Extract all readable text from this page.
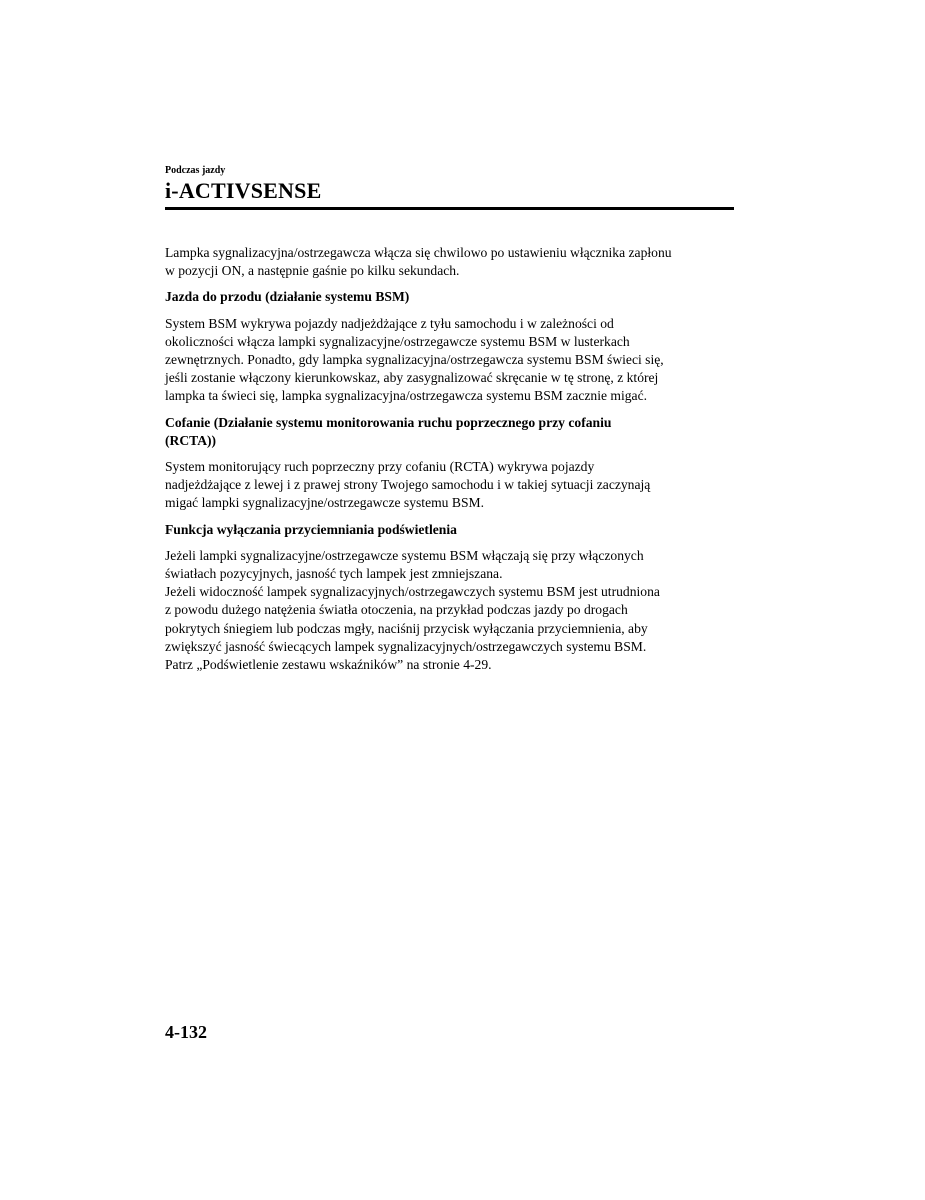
Podczas jazdy
i-ACTIVSENSE

Lampka sygnalizacyjna/ostrzegawcza włącza się chwilowo po ustawieniu włącznika zapłonu
w pozycji ON, a następnie gaśnie po kilku sekundach.

Jazda do przodu (działanie systemu BSM)

System BSM wykrywa pojazdy nadjeżdżające z tyłu samochodu i w zależności od
okoliczności włącza lampki sygnalizacyjne/ostrzegawcze systemu BSM w lusterkach
zewnętrznych. Ponadto, gdy lampka sygnalizacyjna/ostrzegawcza systemu BSM świeci się,
jeśli zostanie włączony kierunkowskaz, aby zasygnalizować skręcanie w tę stronę, z której
lampka ta świeci się, lampka sygnalizacyjna/ostrzegawcza systemu BSM zacznie migać.

Cofanie (Działanie systemu monitorowania ruchu poprzecznego przy cofaniu
(RCTA))

System monitorujący ruch poprzeczny przy cofaniu (RCTA) wykrywa pojazdy
nadjeżdżające z lewej i z prawej strony Twojego samochodu i w takiej sytuacji zaczynają
migać lampki sygnalizacyjne/ostrzegawcze systemu BSM.

Funkcja wyłączania przyciemniania podświetlenia

Jeżeli lampki sygnalizacyjne/ostrzegawcze systemu BSM włączają się przy włączonych
światłach pozycyjnych, jasność tych lampek jest zmniejszana.
Jeżeli widoczność lampek sygnalizacyjnych/ostrzegawczych systemu BSM jest utrudniona
z powodu dużego natężenia światła otoczenia, na przykład podczas jazdy po drogach
pokrytych śniegiem lub podczas mgły, naciśnij przycisk wyłączania przyciemnienia, aby
zwiększyć jasność świecących lampek sygnalizacyjnych/ostrzegawczych systemu BSM.
Patrz „Podświetlenie zestawu wskaźników” na stronie 4-29.

4-132
